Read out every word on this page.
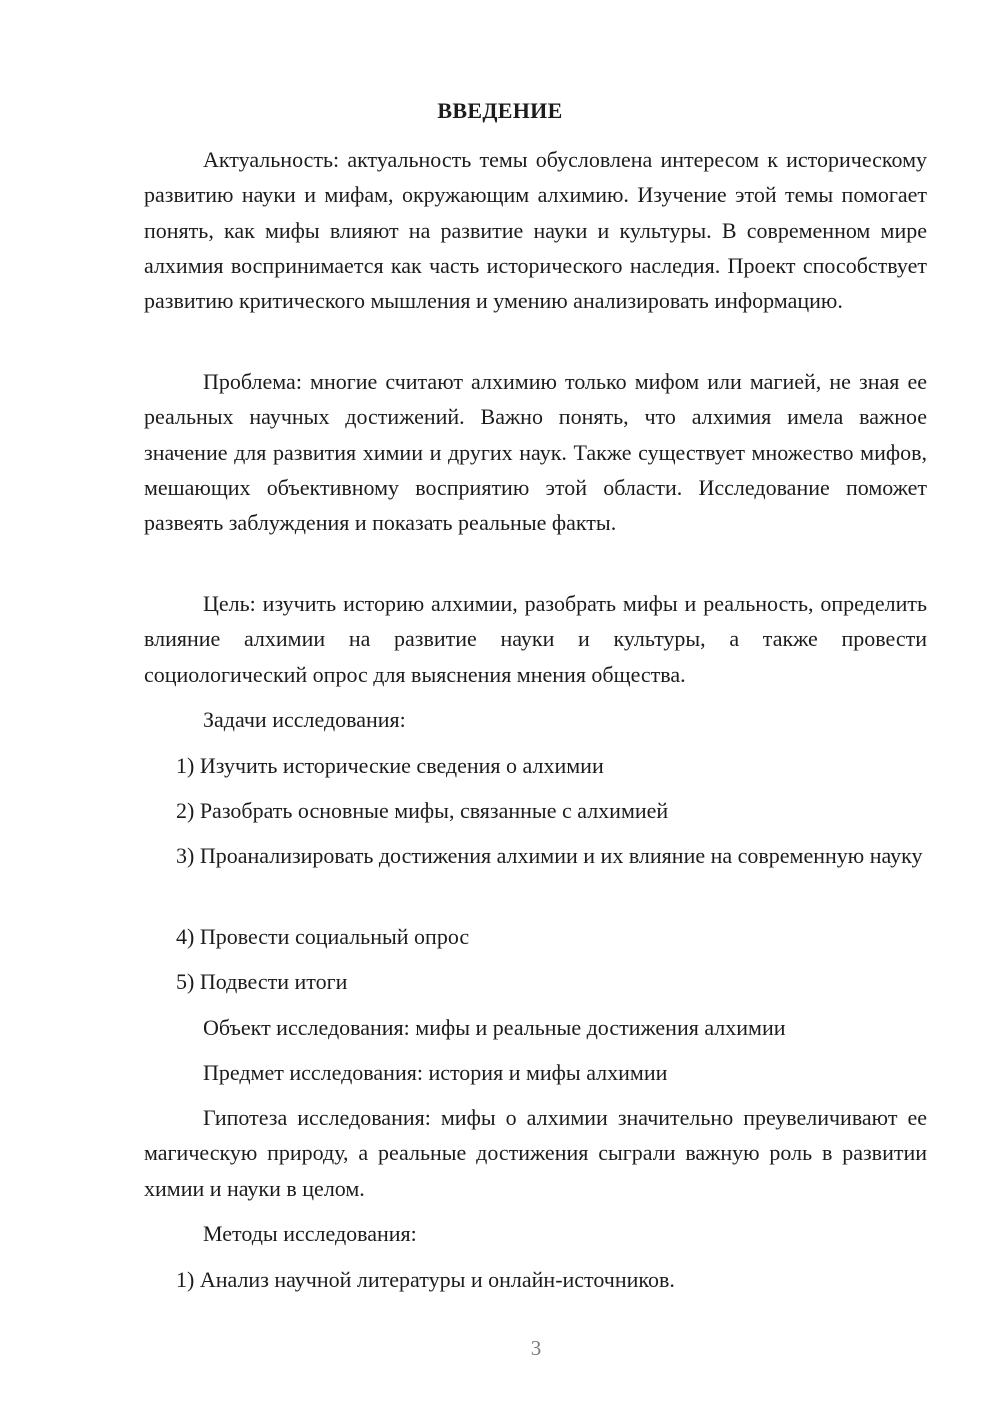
ВВЕДЕНИЕ

Актуальность: актуальность темы обусловлена интересом к историческому развитию науки и мифам, окружающим алхимию. Изучение этой темы помогает понять, как мифы влияют на развитие науки и культуры. В современном мире алхимия воспринимается как часть исторического наследия. Проект способствует развитию критического мышления и умению анализировать информацию.

Проблема: многие считают алхимию только мифом или магией, не зная ее реальных научных достижений. Важно понять, что алхимия имела важное значение для развития химии и других наук. Также существует множество мифов, мешающих объективному восприятию этой области. Исследование поможет развеять заблуждения и показать реальные факты.

Цель: изучить историю алхимии, разобрать мифы и реальность, определить влияние алхимии на развитие науки и культуры, а также провести социологический опрос для выяснения мнения общества.

Задачи исследования:

1) Изучить исторические сведения о алхимии

2) Разобрать основные мифы, связанные с алхимией

3) Проанализировать достижения алхимии и их влияние на современную науку

4) Провести социальный опрос

5) Подвести итоги

Объект исследования: мифы и реальные достижения алхимии

Предмет исследования: история и мифы алхимии

Гипотеза исследования: мифы о алхимии значительно преувеличивают ее магическую природу, а реальные достижения сыграли важную роль в развитии химии и науки в целом.

Методы исследования:

1) Анализ научной литературы и онлайн-источников.

3
